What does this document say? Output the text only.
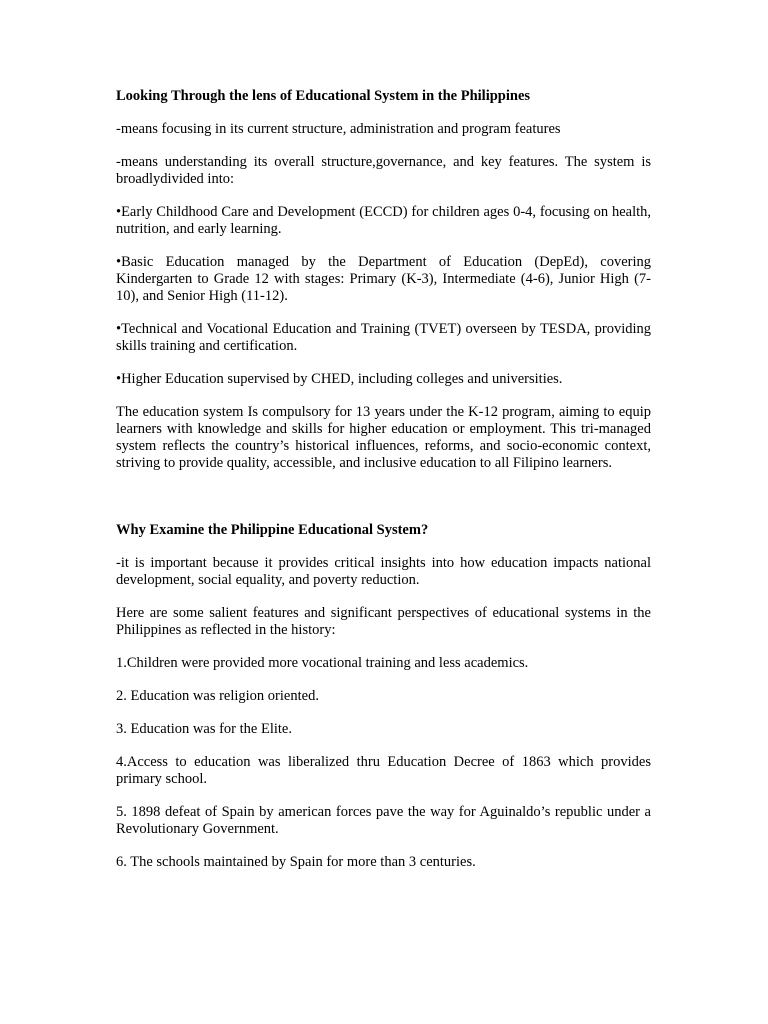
Looking Through the lens of Educational System in the Philippines

-means focusing in its current structure, administration and program features

-means understanding its overall structure,governance, and key features. The system is broadlydivided into:

•Early Childhood Care and Development (ECCD) for children ages 0-4, focusing on health, nutrition, and early learning.

•Basic Education managed by the Department of Education (DepEd), covering Kindergarten to Grade 12 with stages: Primary (K-3), Intermediate (4-6), Junior High (7-10), and Senior High (11-12).

•Technical and Vocational Education and Training (TVET) overseen by TESDA, providing skills training and certification.

•Higher Education supervised by CHED, including colleges and universities.

The education system Is compulsory for 13 years under the K-12 program, aiming to equip learners with knowledge and skills for higher education or employment. This tri-managed system reflects the country’s historical influences, reforms, and socio-economic context, striving to provide quality, accessible, and inclusive education to all Filipino learners.

Why Examine the Philippine Educational System?

-it is important because it provides critical insights into how education impacts national development, social equality, and poverty reduction.

Here are some salient features and significant perspectives of educational systems in the Philippines as reflected in the history:

1.Children were provided more vocational training and less academics.

2. Education was religion oriented.

3. Education was for the Elite.

4.Access to education was liberalized thru Education Decree of 1863 which provides primary school.

5. 1898 defeat of Spain by american forces pave the way for Aguinaldo’s republic under a Revolutionary Government.

6. The schools maintained by Spain for more than 3 centuries.
